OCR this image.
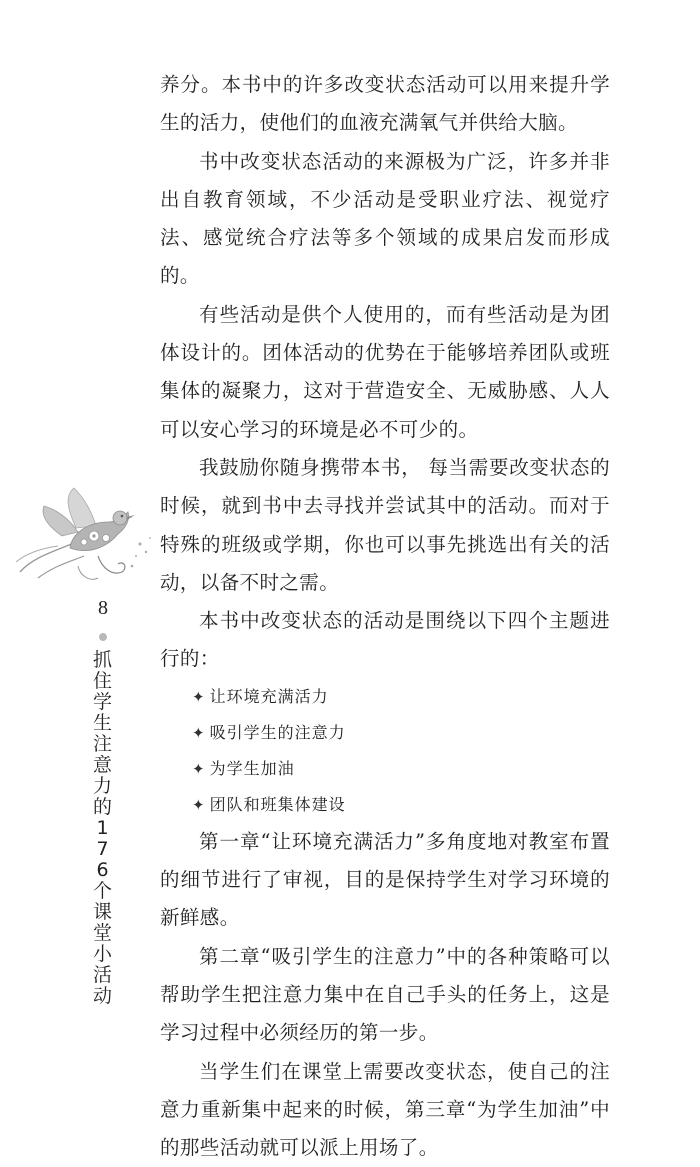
养分。本书中的许多改变状态活动可以用来提升学生的活力，使他们的血液充满氧气并供给大脑。

书中改变状态活动的来源极为广泛，许多并非出自教育领域，不少活动是受职业疗法、视觉疗法、感觉统合疗法等多个领域的成果启发而形成的。

有些活动是供个人使用的，而有些活动是为团体设计的。团体活动的优势在于能够培养团队或班集体的凝聚力，这对于营造安全、无威胁感、人人可以安心学习的环境是必不可少的。

我鼓励你随身携带本书， 每当需要改变状态的时候，就到书中去寻找并尝试其中的活动。而对于特殊的班级或学期，你也可以事先挑选出有关的活动，以备不时之需。

本书中改变状态的活动是围绕以下四个主题进行的：

✦ 让环境充满活力
✦ 吸引学生的注意力
✦ 为学生加油
✦ 团队和班集体建设

第一章“让环境充满活力”多角度地对教室布置的细节进行了审视，目的是保持学生对学习环境的新鲜感。

第二章“吸引学生的注意力”中的各种策略可以帮助学生把注意力集中在自己手头的任务上，这是学习过程中必须经历的第一步。

当学生们在课堂上需要改变状态，使自己的注意力重新集中起来的时候，第三章“为学生加油”中的那些活动就可以派上用场了。

8
抓住学生注意力的176个课堂小活动
